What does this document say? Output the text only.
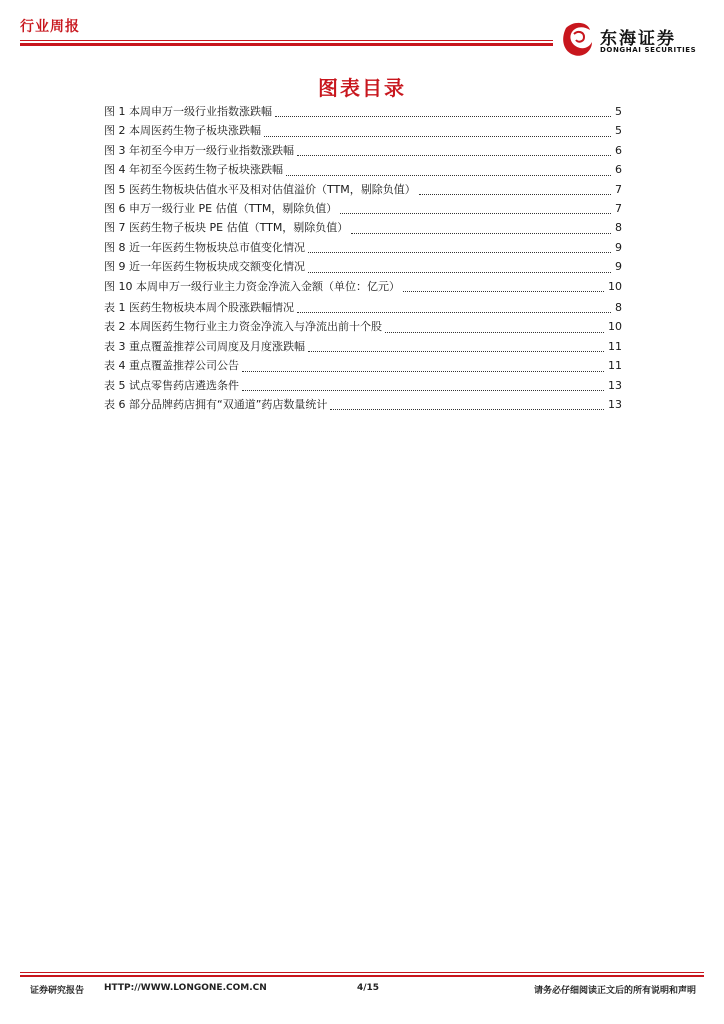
行业周报
东海证券
DONGHAI SECURITIES
图表目录
图 1 本周申万一级行业指数涨跌幅	5
图 2 本周医药生物子板块涨跌幅	5
图 3 年初至今申万一级行业指数涨跌幅	6
图 4 年初至今医药生物子板块涨跌幅	6
图 5 医药生物板块估值水平及相对估值溢价（TTM，剔除负值）	7
图 6 申万一级行业 PE 估值（TTM，剔除负值）	7
图 7 医药生物子板块 PE 估值（TTM，剔除负值）	8
图 8 近一年医药生物板块总市值变化情况	9
图 9 近一年医药生物板块成交额变化情况	9
图 10 本周申万一级行业主力资金净流入金额（单位：亿元）	10
表 1 医药生物板块本周个股涨跌幅情况	8
表 2 本周医药生物行业主力资金净流入与净流出前十个股	10
表 3 重点覆盖推荐公司周度及月度涨跌幅	11
表 4 重点覆盖推荐公司公告	11
表 5 试点零售药店遴选条件	13
表 6 部分品牌药店拥有“双通道”药店数量统计	13
证券研究报告 HTTP://WWW.LONGONE.COM.CN	4/15	请务必仔细阅读正文后的所有说明和声明
